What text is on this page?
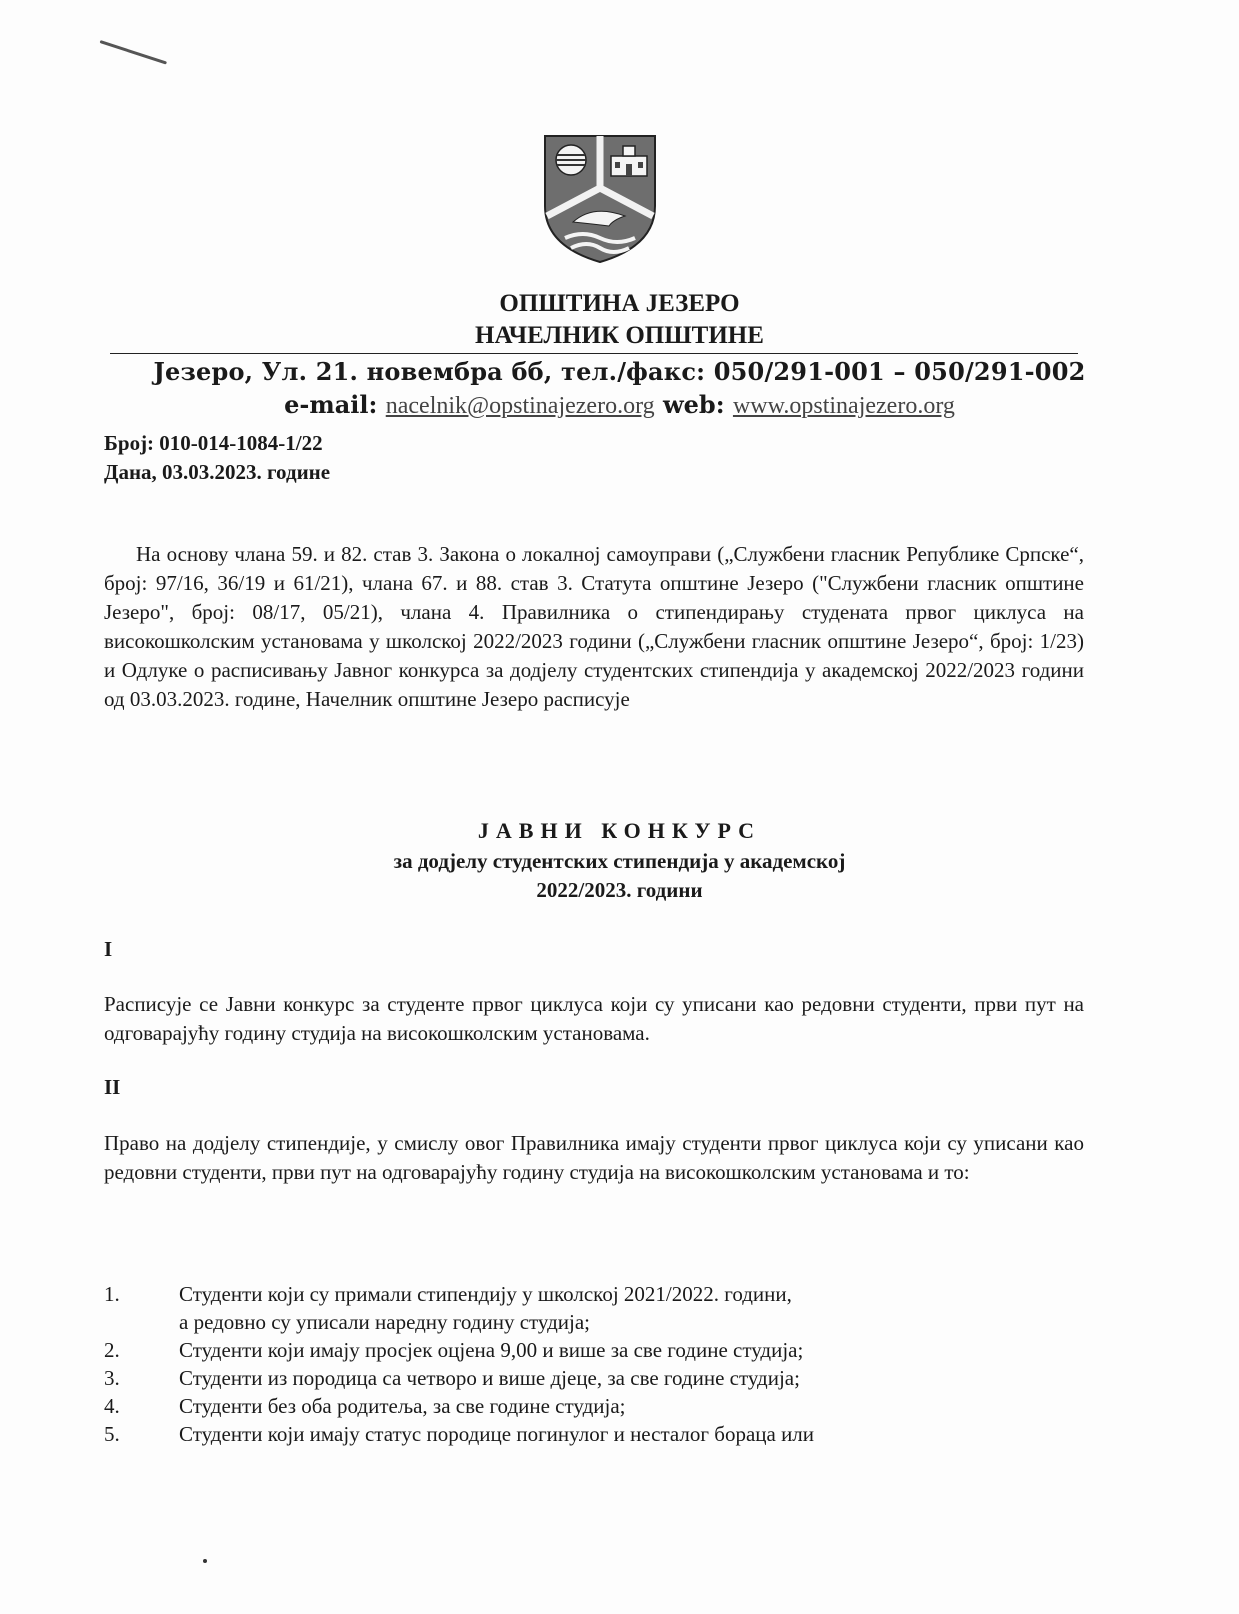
ОПШТИНА ЈЕЗЕРО
НАЧЕЛНИК ОПШТИНЕ
Језеро, Ул. 21. новембра бб, тел./факс: 050/291-001 – 050/291-002
e-mail: nacelnik@opstinajezero.org web: www.opstinajezero.org
Број: 010-014-1084-1/22
Дана, 03.03.2023. године

На основу члана 59. и 82. став 3. Закона о локалној самоуправи („Службени гласник Републике Српске“, број: 97/16, 36/19 и 61/21), члана 67. и 88. став 3. Статута општине Језеро ("Службени гласник општине Језеро", број: 08/17, 05/21), члана 4. Правилника о стипендирању студената првог циклуса на високошколским установама у школској 2022/2023 години („Службени гласник општине Језеро“, број: 1/23) и Одлуке о расписивању Јавног конкурса за додјелу студентских стипендија у академској 2022/2023 години од 03.03.2023. године, Начелник општине Језеро расписује

ЈАВНИ КОНКУРС
за додјелу студентских стипендија у академској
2022/2023. години
I

Расписује се Јавни конкурс за студенте првог циклуса који су уписани као редовни студенти, први пут на одговарајућу годину студија на високошколским установама.

II

Право на додјелу стипендије, у смислу овог Правилника имају студенти првог циклуса који су уписани као редовни студенти, први пут на одговарајућу годину студија на високошколским установама и то:

1.	Студенти који су примали стипендију у школској 2021/2022. години,
а редовно су уписали наредну годину студија;
2.	Студенти који имају просјек оцјена 9,00 и више за све године студија;
3.	Студенти из породица са четворо и више дјеце, за све године студија;
4.	Студенти без оба родитеља, за све године студија;
5.	Студенти који имају статус породице погинулог и несталог бораца или
